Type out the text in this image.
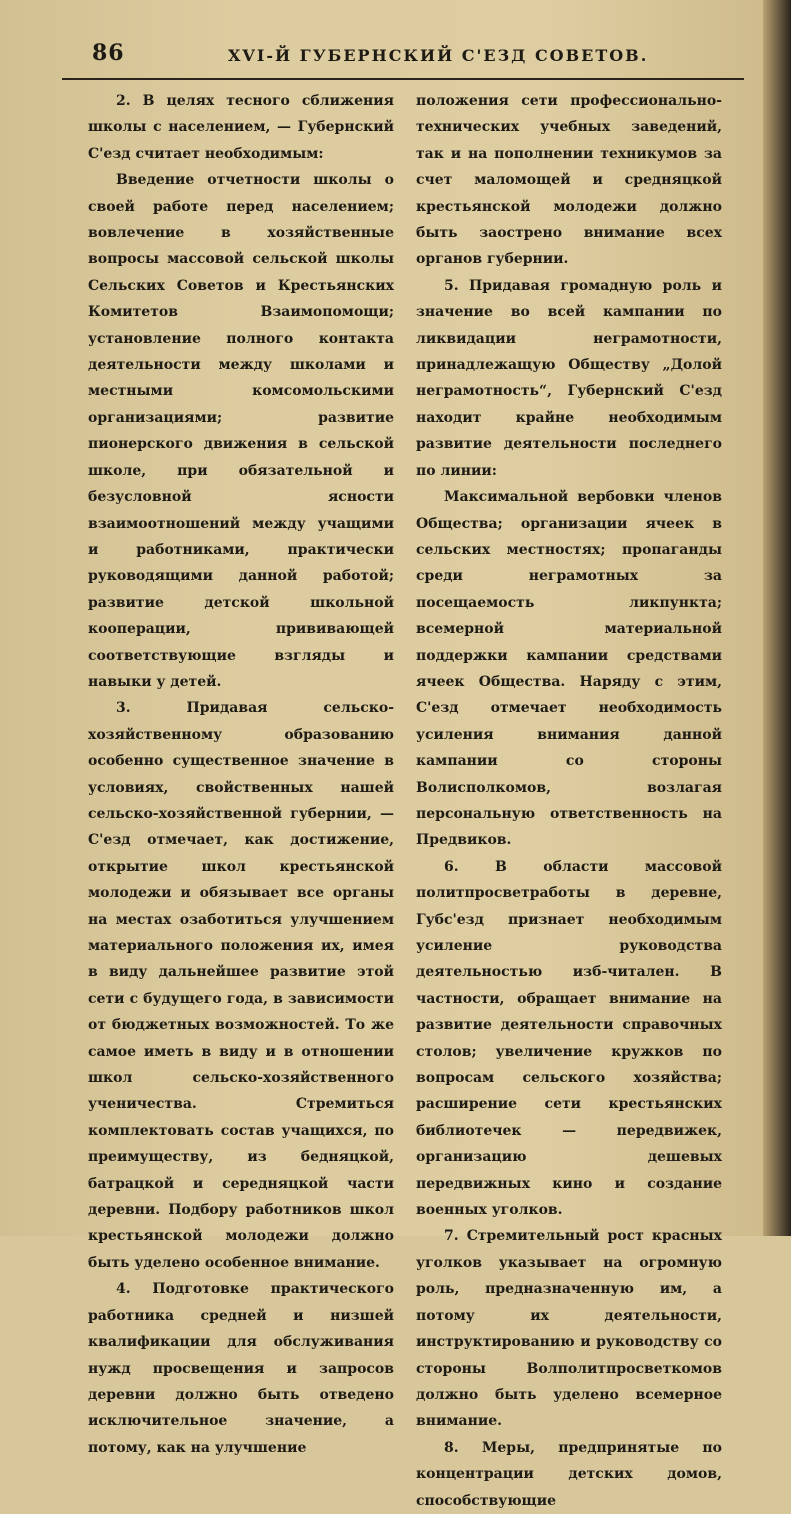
86	XVI-Й ГУБЕРНСКИЙ С'ЕЗД СОВЕТОВ.

2. В целях тесного сближения школы с населением, — Губернский С'езд считает необходимым:

Введение отчетности школы о своей работе перед населением; вовлечение в хозяйственные вопросы массовой сельской школы Сельских Советов и Крестьянских Комитетов Взаимопомощи; установление полного контакта деятельности между школами и местными комсомольскими организациями; развитие пионерского движения в сельской школе, при обязательной и безусловной ясности взаимоотношений между учащими и работниками, практически руководящими данной работой; развитие детской школьной кооперации, прививающей соответствующие взгляды и навыки у детей.

3. Придавая сельско-хозяйственному образованию особенно существенное значение в условиях, свойственных нашей сельско-хозяйственной губернии, — С'езд отмечает, как достижение, открытие школ крестьянской молодежи и обязывает все органы на местах озаботиться улучшением материального положения их, имея в виду дальнейшее развитие этой сети с будущего года, в зависимости от бюджетных возможностей. То же самое иметь в виду и в отношении школ сельско-хозяйственного ученичества. Стремиться комплектовать состав учащихся, по преимуществу, из бедняцкой, батрацкой и середняцкой части деревни. Подбору работников школ крестьянской молодежи должно быть уделено особенное внимание.

4. Подготовке практического работника средней и низшей квалификации для обслуживания нужд просвещения и запросов деревни должно быть отведено исключительное значение, а потому, как на улучшение

положения сети профессионально-технических учебных заведений, так и на пополнении техникумов за счет маломощей и средняцкой крестьянской молодежи должно быть заострено внимание всех органов губернии.

5. Придавая громадную роль и значение во всей кампании по ликвидации неграмотности, принадлежащую Обществу „Долой неграмотность“, Губернский С'езд находит крайне необходимым развитие деятельности последнего по линии:

Максимальной вербовки членов Общества; организации ячеек в сельских местностях; пропаганды среди неграмотных за посещаемость ликпункта; всемерной материальной поддержки кампании средствами ячеек Общества. Наряду с этим, С'езд отмечает необходимость усиления внимания данной кампании со стороны Волисполкомов, возлагая персональную ответственность на Предвиков.

6. В области массовой политпросветработы в деревне, Губс'езд признает необходимым усиление руководства деятельностью изб-читален. В частности, обращает внимание на развитие деятельности справочных столов; увеличение кружков по вопросам сельского хозяйства; расширение сети крестьянских библиотечек — передвижек, организацию дешевых передвижных кино и создание военных уголков.

7. Стремительный рост красных уголков указывает на огромную роль, предназначенную им, а потому их деятельности, инструктированию и руководству со стороны Волполитпросветкомов должно быть уделено всемерное внимание.

8. Меры, предпринятые по концентрации детских домов, способствующие
